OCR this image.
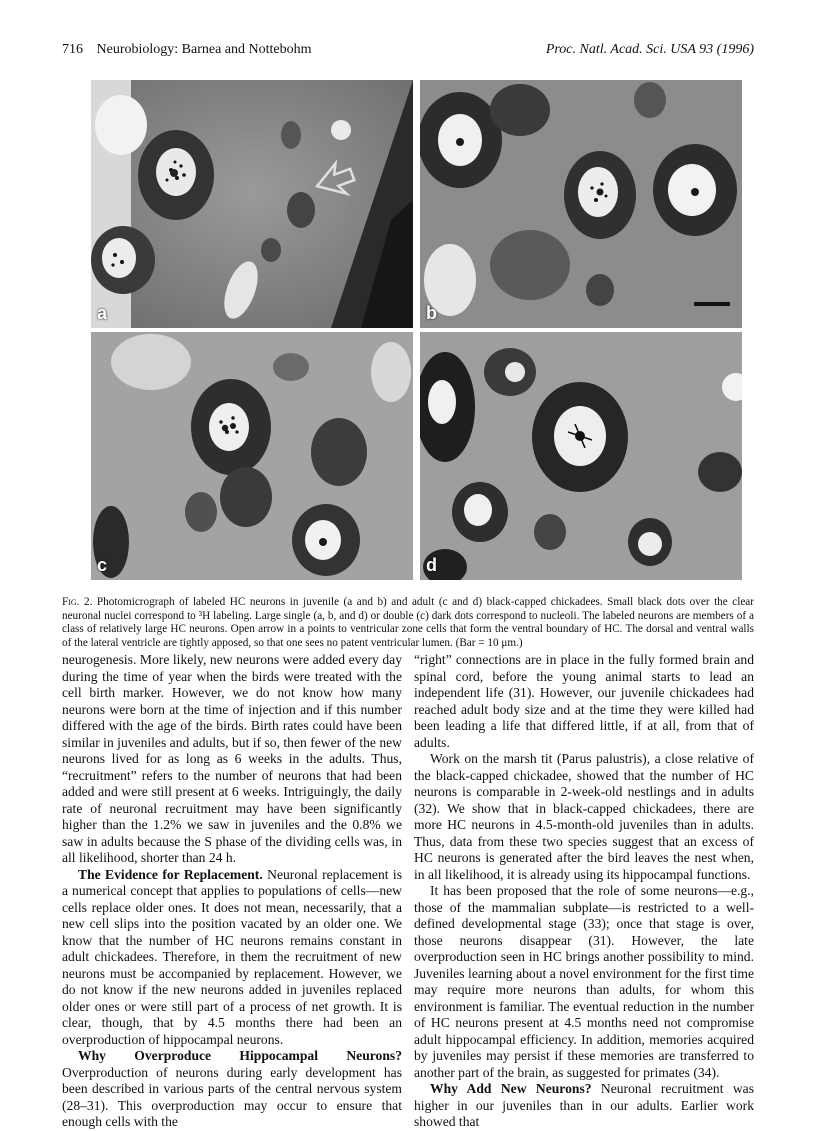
716 Neurobiology: Barnea and Nottebohm	Proc. Natl. Acad. Sci. USA 93 (1996)
a	b
c	d
Fig. 2. Photomicrograph of labeled HC neurons in juvenile (a and b) and adult (c and d) black-capped chickadees. Small black dots over the clear neuronal nuclei correspond to ³H labeling. Large single (a, b, and d) or double (c) dark dots correspond to nucleoli. The labeled neurons are members of a class of relatively large HC neurons. Open arrow in a points to ventricular zone cells that form the ventral boundary of HC. The dorsal and ventral walls of the lateral ventricle are tightly apposed, so that one sees no patent ventricular lumen. (Bar = 10 μm.)

neurogenesis. More likely, new neurons were added every day during the time of year when the birds were treated with the cell birth marker. However, we do not know how many neurons were born at the time of injection and if this number differed with the age of the birds. Birth rates could have been similar in juveniles and adults, but if so, then fewer of the new neurons lived for as long as 6 weeks in the adults. Thus, “recruitment” refers to the number of neurons that had been added and were still present at 6 weeks. Intriguingly, the daily rate of neuronal recruitment may have been significantly higher than the 1.2% we saw in juveniles and the 0.8% we saw in adults because the S phase of the dividing cells was, in all likelihood, shorter than 24 h.

The Evidence for Replacement. Neuronal replacement is a numerical concept that applies to populations of cells—new cells replace older ones. It does not mean, necessarily, that a new cell slips into the position vacated by an older one. We know that the number of HC neurons remains constant in adult chickadees. Therefore, in them the recruitment of new neurons must be accompanied by replacement. However, we do not know if the new neurons added in juveniles replaced older ones or were still part of a process of net growth. It is clear, though, that by 4.5 months there had been an overproduction of hippocampal neurons.

Why Overproduce Hippocampal Neurons? Overproduction of neurons during early development has been described in various parts of the central nervous system (28–31). This overproduction may occur to ensure that enough cells with the

“right” connections are in place in the fully formed brain and spinal cord, before the young animal starts to lead an independent life (31). However, our juvenile chickadees had reached adult body size and at the time they were killed had been leading a life that differed little, if at all, from that of adults.

Work on the marsh tit (Parus palustris), a close relative of the black-capped chickadee, showed that the number of HC neurons is comparable in 2-week-old nestlings and in adults (32). We show that in black-capped chickadees, there are more HC neurons in 4.5-month-old juveniles than in adults. Thus, data from these two species suggest that an excess of HC neurons is generated after the bird leaves the nest when, in all likelihood, it is already using its hippocampal functions.

It has been proposed that the role of some neurons—e.g., those of the mammalian subplate—is restricted to a well-defined developmental stage (33); once that stage is over, those neurons disappear (31). However, the late overproduction seen in HC brings another possibility to mind. Juveniles learning about a novel environment for the first time may require more neurons than adults, for whom this environment is familiar. The eventual reduction in the number of HC neurons present at 4.5 months need not compromise adult hippocampal efficiency. In addition, memories acquired by juveniles may persist if these memories are transferred to another part of the brain, as suggested for primates (34).

Why Add New Neurons? Neuronal recruitment was higher in our juveniles than in our adults. Earlier work showed that
